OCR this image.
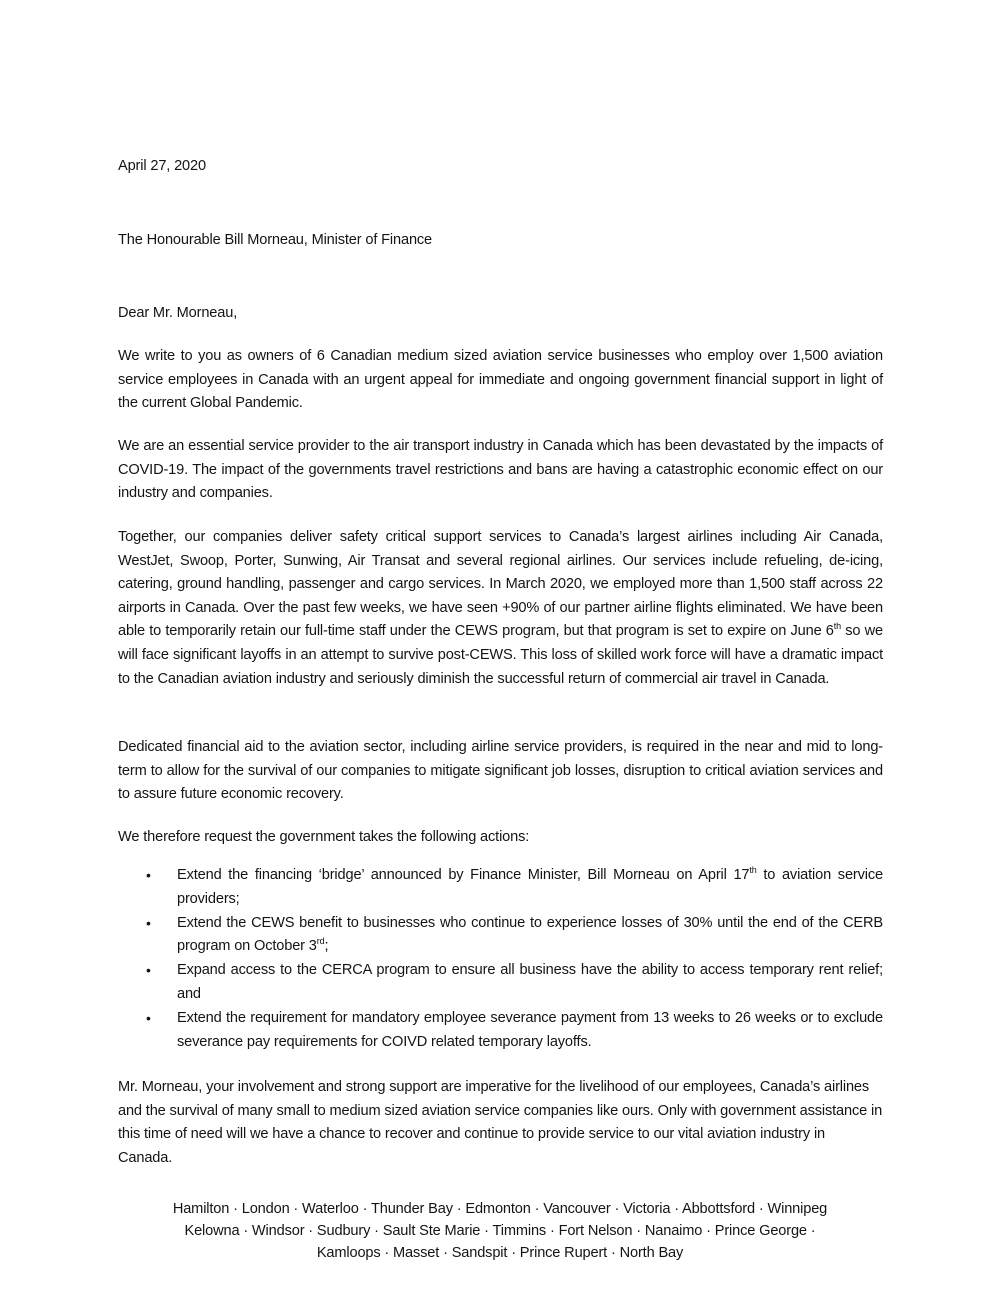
April 27, 2020
The Honourable Bill Morneau, Minister of Finance
Dear Mr. Morneau,

We write to you as owners of 6 Canadian medium sized aviation service businesses who employ over 1,500 aviation service employees in Canada with an urgent appeal for immediate and ongoing government financial support in light of the current Global Pandemic.

We are an essential service provider to the air transport industry in Canada which has been devastated by the impacts of COVID-19. The impact of the governments travel restrictions and bans are having a catastrophic economic effect on our industry and companies.

Together, our companies deliver safety critical support services to Canada’s largest airlines including Air Canada, WestJet, Swoop, Porter, Sunwing, Air Transat and several regional airlines. Our services include refueling, de-icing, catering, ground handling, passenger and cargo services. In March 2020, we employed more than 1,500 staff across 22 airports in Canada. Over the past few weeks, we have seen +90% of our partner airline flights eliminated. We have been able to temporarily retain our full-time staff under the CEWS program, but that program is set to expire on June 6th so we will face significant layoffs in an attempt to survive post-CEWS. This loss of skilled work force will have a dramatic impact to the Canadian aviation industry and seriously diminish the successful return of commercial air travel in Canada.

Dedicated financial aid to the aviation sector, including airline service providers, is required in the near and mid to long-term to allow for the survival of our companies to mitigate significant job losses, disruption to critical aviation services and to assure future economic recovery.

We therefore request the government takes the following actions:

•	Extend the financing ‘bridge’ announced by Finance Minister, Bill Morneau on April 17th to aviation service providers;
•	Extend the CEWS benefit to businesses who continue to experience losses of 30% until the end of the CERB program on October 3rd;
•	Expand access to the CERCA program to ensure all business have the ability to access temporary rent relief; and
•	Extend the requirement for mandatory employee severance payment from 13 weeks to 26 weeks or to exclude severance pay requirements for COIVD related temporary layoffs.

Mr. Morneau, your involvement and strong support are imperative for the livelihood of our employees, Canada’s airlines and the survival of many small to medium sized aviation service companies like ours. Only with government assistance in this time of need will we have a chance to recover and continue to provide service to our vital aviation industry in Canada.

Hamilton · London · Waterloo · Thunder Bay · Edmonton · Vancouver · Victoria · Abbottsford · Winnipeg
Kelowna · Windsor · Sudbury · Sault Ste Marie · Timmins · Fort Nelson · Nanaimo · Prince George ·
Kamloops · Masset · Sandspit · Prince Rupert · North Bay
